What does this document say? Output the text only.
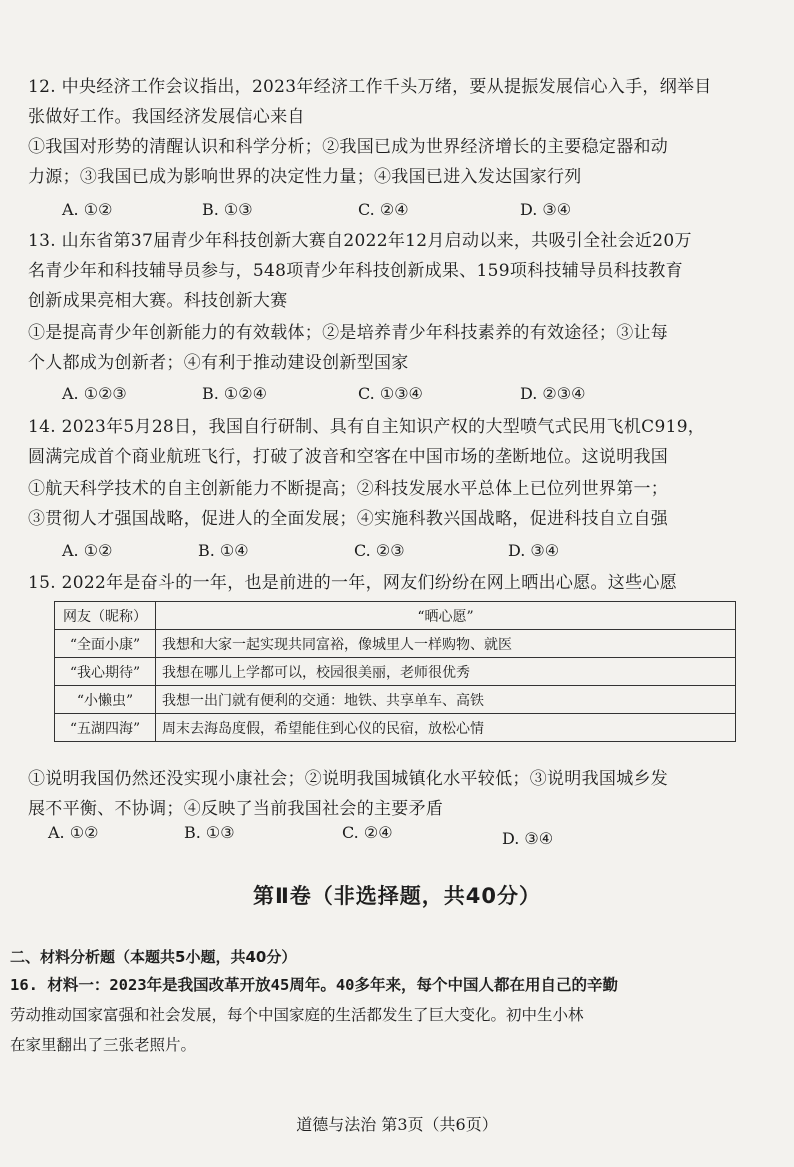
12. 中央经济工作会议指出，2023年经济工作千头万绪，要从提振发展信心入手，纲举目
张做好工作。我国经济发展信心来自
①我国对形势的清醒认识和科学分析；②我国已成为世界经济增长的主要稳定器和动
力源；③我国已成为影响世界的决定性力量；④我国已进入发达国家行列
A. ①②	B. ①③	C. ②④	D. ③④
13. 山东省第37届青少年科技创新大赛自2022年12月启动以来，共吸引全社会近20万
名青少年和科技辅导员参与，548项青少年科技创新成果、159项科技辅导员科技教育
创新成果亮相大赛。科技创新大赛
①是提高青少年创新能力的有效载体；②是培养青少年科技素养的有效途径；③让每
个人都成为创新者；④有利于推动建设创新型国家
A. ①②③	B. ①②④	C. ①③④	D. ②③④
14. 2023年5月28日，我国自行研制、具有自主知识产权的大型喷气式民用飞机C919，
圆满完成首个商业航班飞行，打破了波音和空客在中国市场的垄断地位。这说明我国
①航天科学技术的自主创新能力不断提高；②科技发展水平总体上已位列世界第一；
③贯彻人才强国战略，促进人的全面发展；④实施科教兴国战略，促进科技自立自强
A. ①②	B. ①④	C. ②③	D. ③④
15. 2022年是奋斗的一年，也是前进的一年，网友们纷纷在网上晒出心愿。这些心愿
网友（昵称）	“晒心愿”
“全面小康”	我想和大家一起实现共同富裕，像城里人一样购物、就医
“我心期待”	我想在哪儿上学都可以，校园很美丽，老师很优秀
“小懒虫”	我想一出门就有便利的交通：地铁、共享单车、高铁
“五湖四海”	周末去海岛度假，希望能住到心仪的民宿，放松心情
①说明我国仍然还没实现小康社会；②说明我国城镇化水平较低；③说明我国城乡发
展不平衡、不协调；④反映了当前我国社会的主要矛盾
A. ①②	B. ①③	C. ②④	D. ③④
第Ⅱ卷（非选择题，共40分）
二、材料分析题（本题共5小题，共40分）
16. 材料一：2023年是我国改革开放45周年。40多年来，每个中国人都在用自己的辛勤
劳动推动国家富强和社会发展，每个中国家庭的生活都发生了巨大变化。初中生小林
在家里翻出了三张老照片。
道德与法治 第3页（共6页）
